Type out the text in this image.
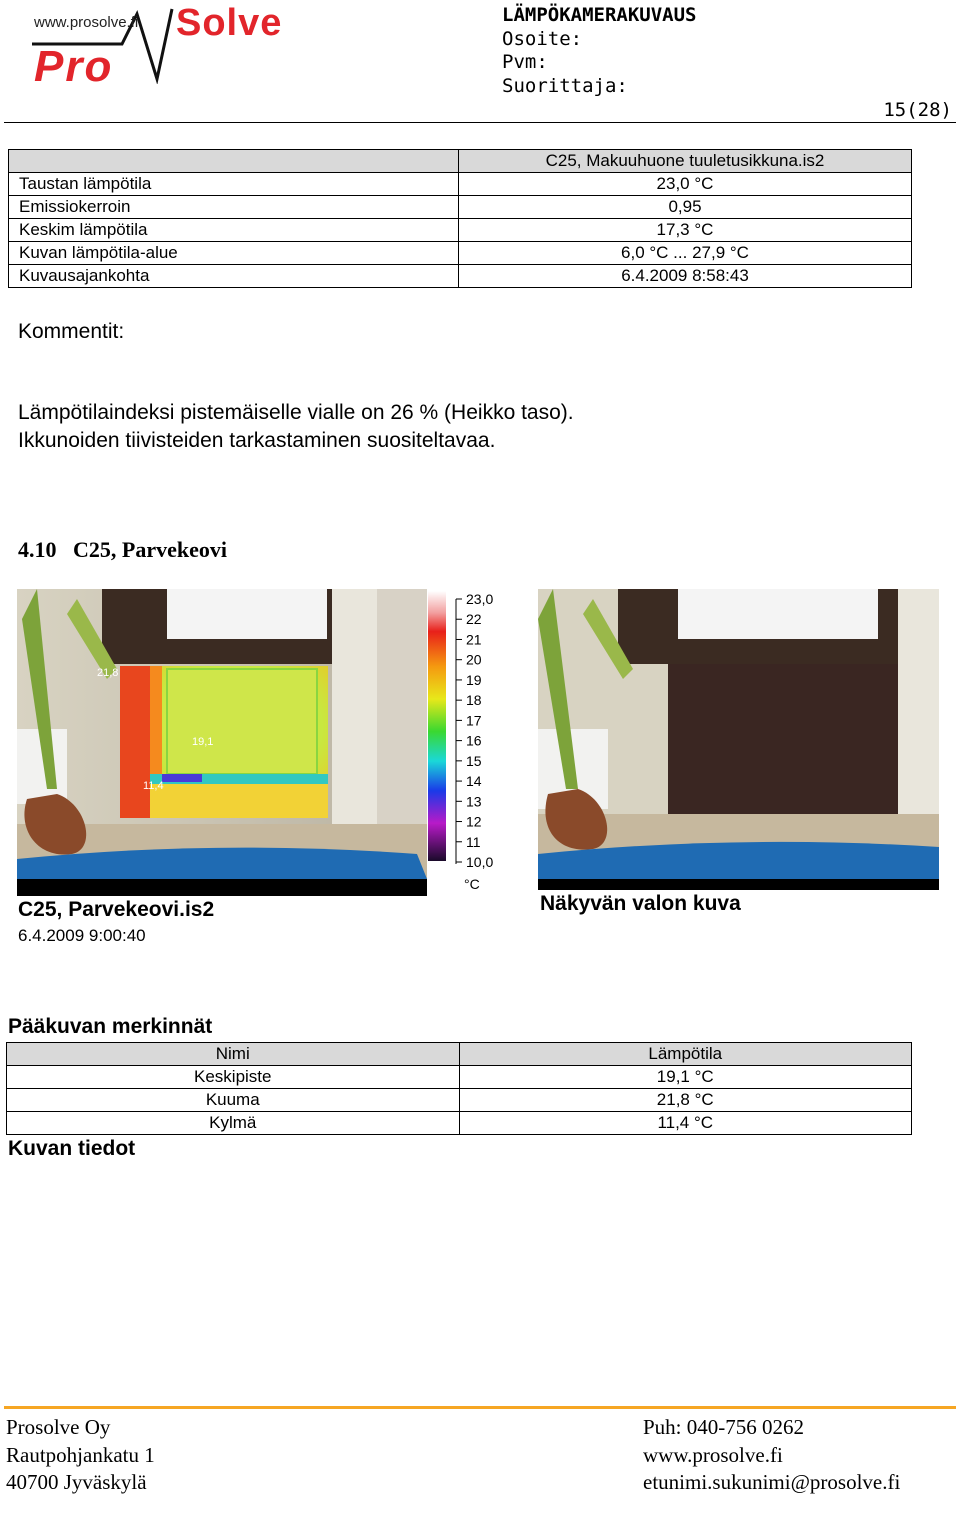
www.prosolve.fi Solve
Pro
LÄMPÖKAMERAKUVAUS
Osoite:
Pvm:
Suorittaja:
15(28)
	C25, Makuuhuone tuuletusikkuna.is2
Taustan lämpötila	23,0 °C
Emissiokerroin	0,95
Keskim lämpötila	17,3 °C
Kuvan lämpötila-alue	6,0 °C ... 27,9 °C
Kuvausajankohta	6.4.2009 8:58:43
Kommentit:
Lämpötilaindeksi pistemäiselle vialle on 26 % (Heikko taso).
Ikkunoiden tiivisteiden tarkastaminen suositeltavaa.
4.10   C25, Parvekeovi
21,8
19,1
11,4
23,0
22
21
20
19
18
17
16
15
14
13
12
11
10,0
°C
C25, Parvekeovi.is2
6.4.2009 9:00:40
Näkyvän valon kuva
Pääkuvan merkinnät
Nimi	Lämpötila
Keskipiste	19,1 °C
Kuuma	21,8 °C
Kylmä	11,4 °C
Kuvan tiedot
Prosolve Oy
Rautpohjankatu 1
40700 Jyväskylä
Puh: 040-756 0262
www.prosolve.fi
etunimi.sukunimi@prosolve.fi
